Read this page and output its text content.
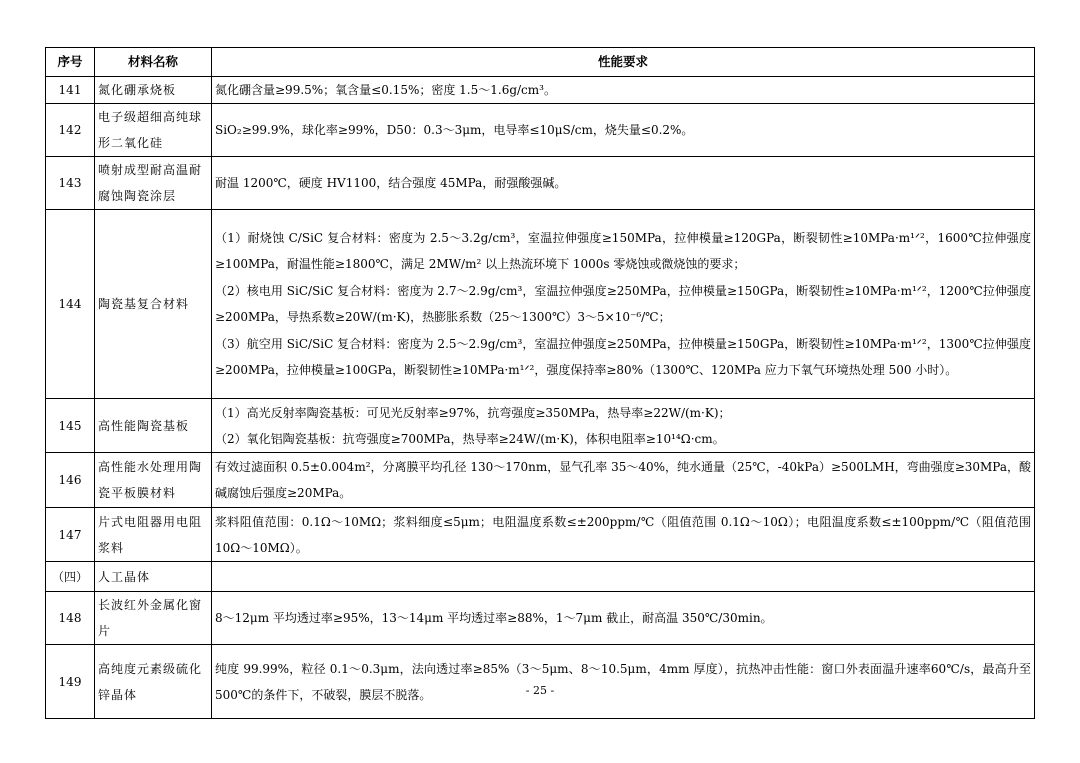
序号	材料名称	性能要求
141	氮化硼承烧板	氮化硼含量≥99.5%；氧含量≤0.15%；密度 1.5～1.6g/cm³。
142	电子级超细高纯球形二氧化硅	SiO₂≥99.9%，球化率≥99%，D50：0.3～3μm，电导率≤10μS/cm，烧失量≤0.2%。
143	喷射成型耐高温耐腐蚀陶瓷涂层	耐温 1200℃，硬度 HV1100，结合强度 45MPa，耐强酸强碱。
144	陶瓷基复合材料	（1）耐烧蚀 C/SiC 复合材料：密度为 2.5～3.2g/cm³，室温拉伸强度≥150MPa，拉伸模量≥120GPa，断裂韧性≥10MPa·m¹ᐟ²，1600℃拉伸强度≥100MPa，耐温性能≥1800℃，满足 2MW/m² 以上热流环境下 1000s 零烧蚀或微烧蚀的要求；
（2）核电用 SiC/SiC 复合材料：密度为 2.7～2.9g/cm³，室温拉伸强度≥250MPa，拉伸模量≥150GPa，断裂韧性≥10MPa·m¹ᐟ²，1200℃拉伸强度≥200MPa，导热系数≥20W/(m·K)，热膨胀系数（25～1300℃）3～5×10⁻⁶/℃；
（3）航空用 SiC/SiC 复合材料：密度为 2.5～2.9g/cm³，室温拉伸强度≥250MPa，拉伸模量≥150GPa，断裂韧性≥10MPa·m¹ᐟ²，1300℃拉伸强度≥200MPa，拉伸模量≥100GPa，断裂韧性≥10MPa·m¹ᐟ²，强度保持率≥80%（1300℃、120MPa 应力下氧气环境热处理 500 小时）。

145	高性能陶瓷基板	（1）高光反射率陶瓷基板：可见光反射率≥97%，抗弯强度≥350MPa，热导率≥22W/(m·K)；
（2）氧化铝陶瓷基板：抗弯强度≥700MPa，热导率≥24W/(m·K)，体积电阻率≥10¹⁴Ω·cm。

146	高性能水处理用陶瓷平板膜材料	有效过滤面积 0.5±0.004m²，分离膜平均孔径 130～170nm，显气孔率 35～40%，纯水通量（25℃，-40kPa）≥500LMH，弯曲强度≥30MPa，酸碱腐蚀后强度≥20MPa。
147	片式电阻器用电阻浆料	浆料阻值范围：0.1Ω～10MΩ；浆料细度≤5μm；电阻温度系数≤±200ppm/℃（阻值范围 0.1Ω～10Ω）；电阻温度系数≤±100ppm/℃（阻值范围 10Ω～10MΩ）。
（四）	人工晶体	
148	长波红外金属化窗片	8～12μm 平均透过率≥95%，13～14μm 平均透过率≥88%，1～7μm 截止，耐高温 350℃/30min。
149	高纯度元素级硫化锌晶体	纯度 99.99%，粒径 0.1～0.3μm，法向透过率≥85%（3～5μm、8～10.5μm，4mm 厚度），抗热冲击性能：窗口外表面温升速率60℃/s，最高升至 500℃的条件下，不破裂，膜层不脱落。	- 25 -
